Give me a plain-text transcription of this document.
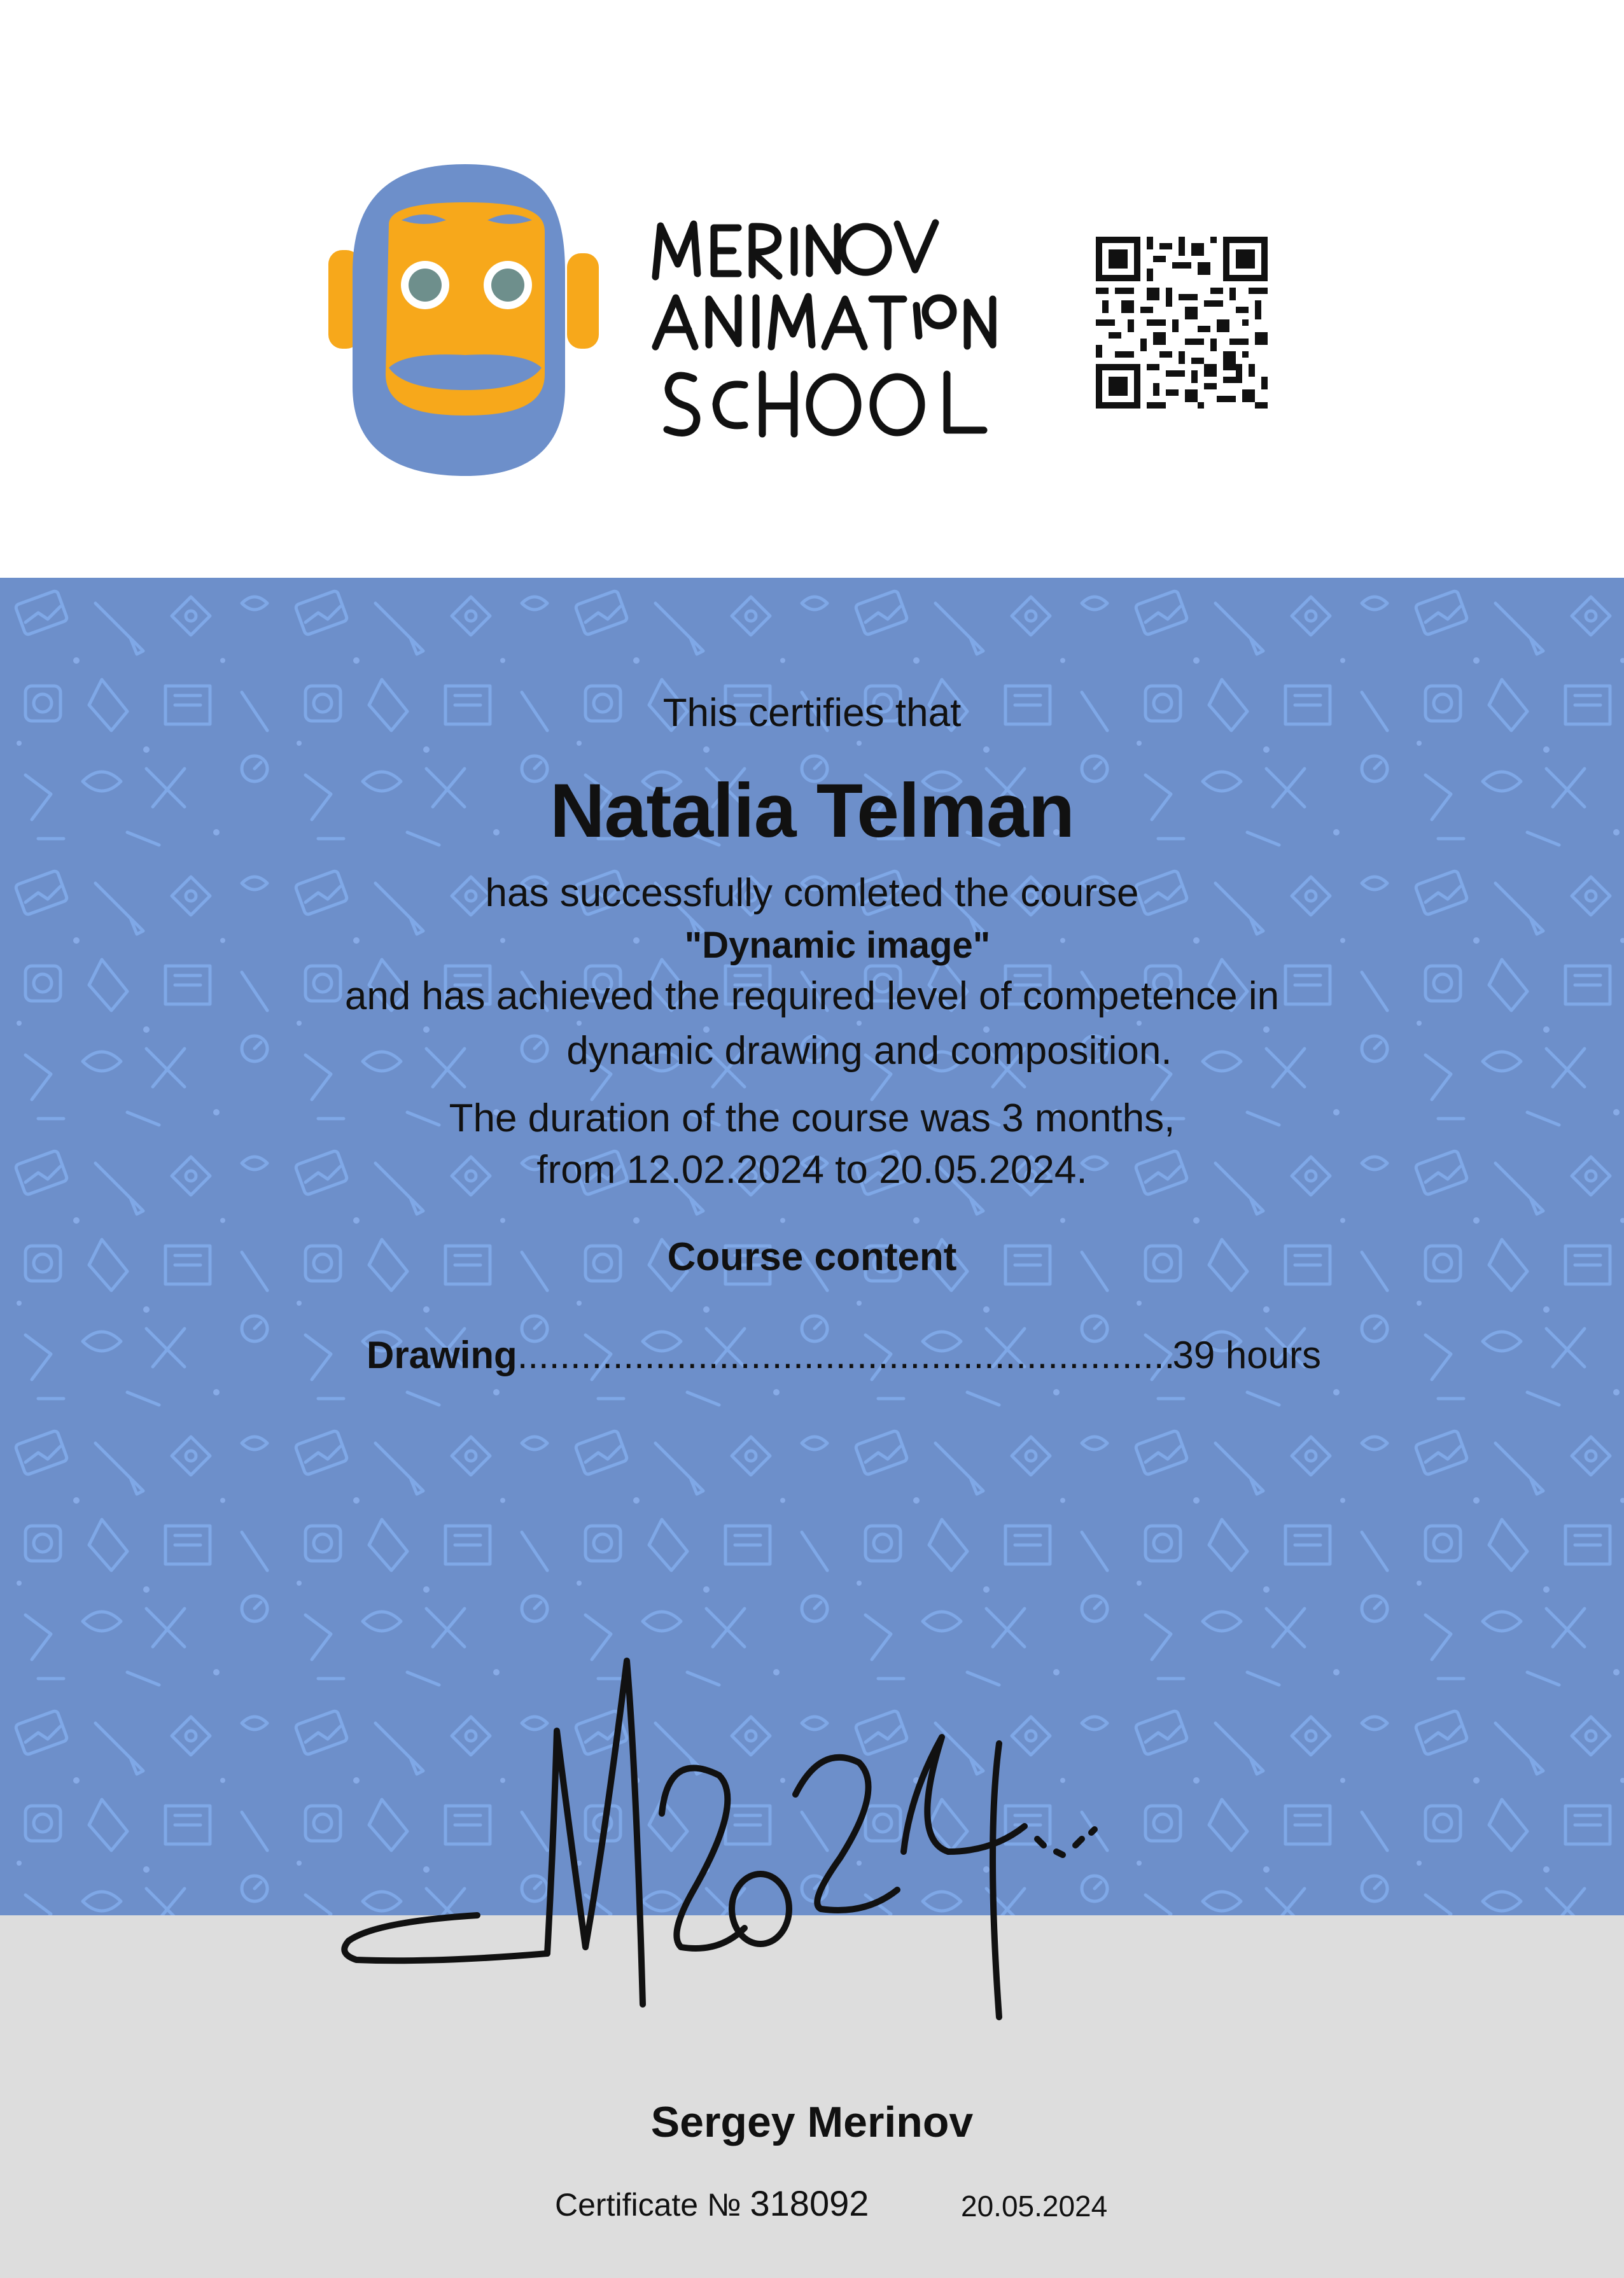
This certifies that
Natalia Telman
has successfully comleted the course
"Dynamic image"
and has achieved the required level of competence in
dynamic drawing and composition.
The duration of the course was 3 months,
from 12.02.2024 to 20.05.2024.
Course content
Drawing
.....	39 hours
Sergey Merinov
Certificate № 318092	20.05.2024
